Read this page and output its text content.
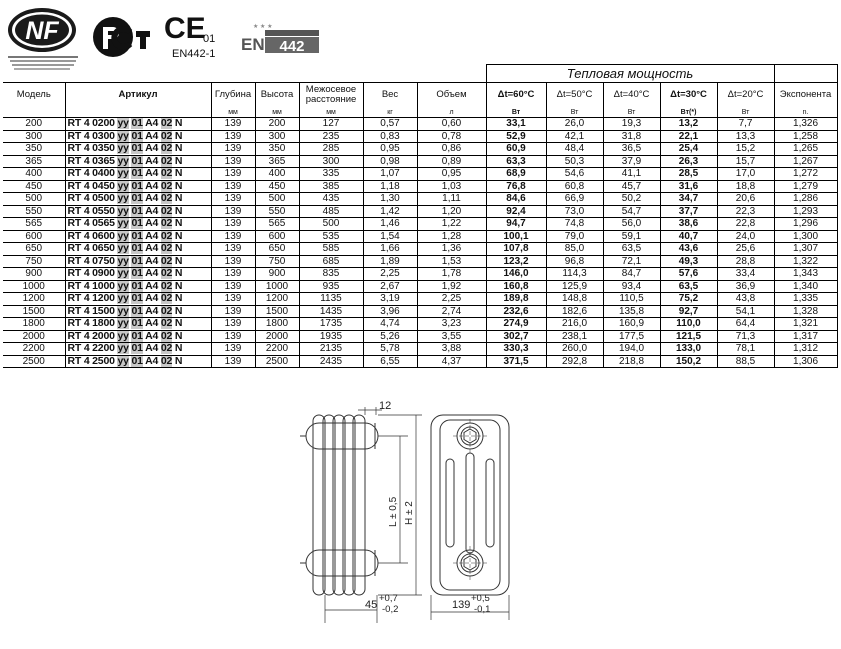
NF	CE
01
EN442-1
★ ★ ★
EN 442
							Тепловая мощность					
Модель	Артикул	Глубина	Высота	Межосевое расстояние	Вес	Объем	Δt=60°C	Δt=50°C	Δt=40°C	Δt=30°C	Δt=20°C	Экспонента
		мм	мм	мм	кг	л	Вт	Вт	Вт	Вт(*)	Вт	n.
200	RT 4 0200 yy 01 A4 02 N	139	200	127	0,57	0,60	33,1	26,0	19,3	13,2	7,7	1,326
300	RT 4 0300 yy 01 A4 02 N	139	300	235	0,83	0,78	52,9	42,1	31,8	22,1	13,3	1,258
350	RT 4 0350 yy 01 A4 02 N	139	350	285	0,95	0,86	60,9	48,4	36,5	25,4	15,2	1,265
365	RT 4 0365 yy 01 A4 02 N	139	365	300	0,98	0,89	63,3	50,3	37,9	26,3	15,7	1,267
400	RT 4 0400 yy 01 A4 02 N	139	400	335	1,07	0,95	68,9	54,6	41,1	28,5	17,0	1,272
450	RT 4 0450 yy 01 A4 02 N	139	450	385	1,18	1,03	76,8	60,8	45,7	31,6	18,8	1,279
500	RT 4 0500 yy 01 A4 02 N	139	500	435	1,30	1,11	84,6	66,9	50,2	34,7	20,6	1,286
550	RT 4 0550 yy 01 A4 02 N	139	550	485	1,42	1,20	92,4	73,0	54,7	37,7	22,3	1,293
565	RT 4 0565 yy 01 A4 02 N	139	565	500	1,46	1,22	94,7	74,8	56,0	38,6	22,8	1,296
600	RT 4 0600 yy 01 A4 02 N	139	600	535	1,54	1,28	100,1	79,0	59,1	40,7	24,0	1,300
650	RT 4 0650 yy 01 A4 02 N	139	650	585	1,66	1,36	107,8	85,0	63,5	43,6	25,6	1,307
750	RT 4 0750 yy 01 A4 02 N	139	750	685	1,89	1,53	123,2	96,8	72,1	49,3	28,8	1,322
900	RT 4 0900 yy 01 A4 02 N	139	900	835	2,25	1,78	146,0	114,3	84,7	57,6	33,4	1,343
1000	RT 4 1000 yy 01 A4 02 N	139	1000	935	2,67	1,92	160,8	125,9	93,4	63,5	36,9	1,340
1200	RT 4 1200 yy 01 A4 02 N	139	1200	1135	3,19	2,25	189,8	148,8	110,5	75,2	43,8	1,335
1500	RT 4 1500 yy 01 A4 02 N	139	1500	1435	3,96	2,74	232,6	182,6	135,8	92,7	54,1	1,328
1800	RT 4 1800 yy 01 A4 02 N	139	1800	1735	4,74	3,23	274,9	216,0	160,9	110,0	64,4	1,321
2000	RT 4 2000 yy 01 A4 02 N	139	2000	1935	5,26	3,55	302,7	238,1	177,5	121,5	71,3	1,317
2200	RT 4 2200 yy 01 A4 02 N	139	2200	2135	5,78	3,88	330,3	260,0	194,0	133,0	78,1	1,312
2500	RT 4 2500 yy 01 A4 02 N	139	2500	2435	6,55	4,37	371,5	292,8	218,8	150,2	88,5	1,306
12
L ± 0,5 H ± 2
45
+0,7
-0,2	139
+0,5
-0,1
